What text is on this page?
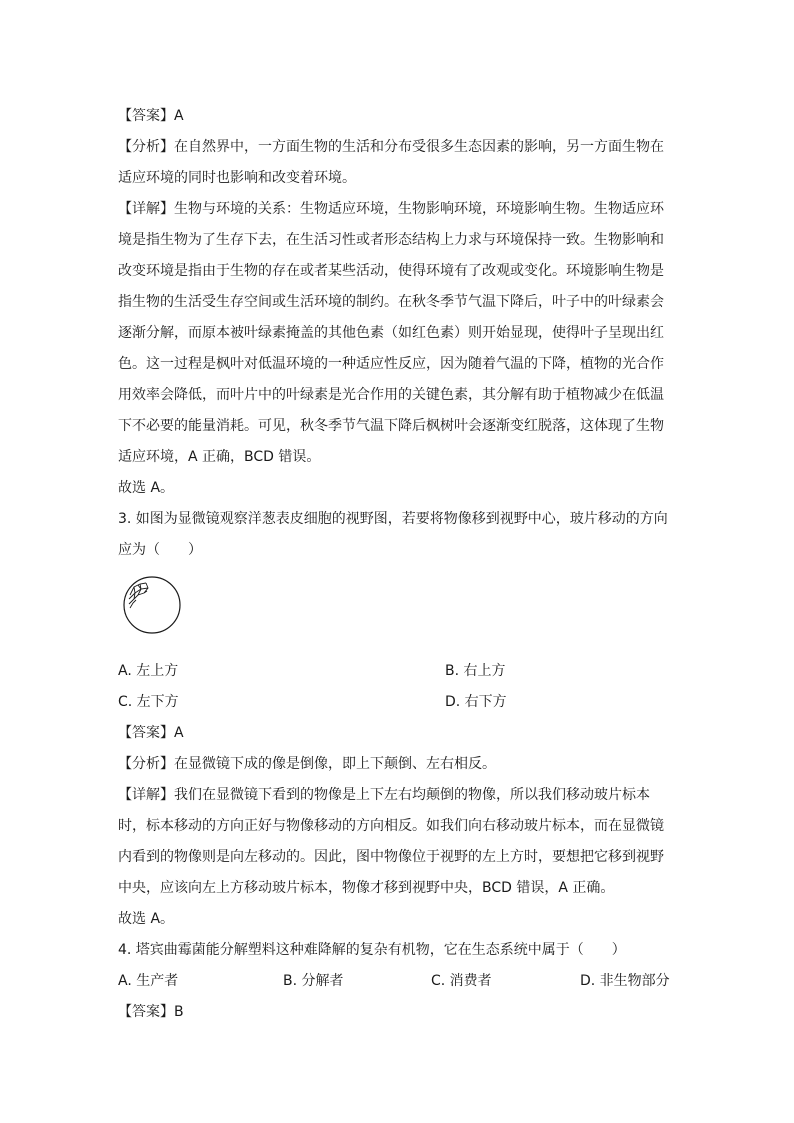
【答案】A

【分析】在自然界中，一方面生物的生活和分布受很多生态因素的影响，另一方面生物在

适应环境的同时也影响和改变着环境。

【详解】生物与环境的关系：生物适应环境，生物影响环境，环境影响生物。生物适应环

境是指生物为了生存下去，在生活习性或者形态结构上力求与环境保持一致。生物影响和

改变环境是指由于生物的存在或者某些活动，使得环境有了改观或变化。环境影响生物是

指生物的生活受生存空间或生活环境的制约。在秋冬季节气温下降后，叶子中的叶绿素会

逐渐分解，而原本被叶绿素掩盖的其他色素（如红色素）则开始显现，使得叶子呈现出红

色。这一过程是枫叶对低温环境的一种适应性反应，因为随着气温的下降，植物的光合作

用效率会降低，而叶片中的叶绿素是光合作用的关键色素，其分解有助于植物减少在低温

下不必要的能量消耗。可见，秋冬季节气温下降后枫树叶会逐渐变红脱落，这体现了生物

适应环境，A 正确，BCD 错误。

故选 A。

3. 如图为显微镜观察洋葱表皮细胞的视野图，若要将物像移到视野中心，玻片移动的方向

应为（　　）

A. 左上方	B. 右上方
C. 左下方	D. 右下方

【答案】A

【分析】在显微镜下成的像是倒像，即上下颠倒、左右相反。

【详解】我们在显微镜下看到的物像是上下左右均颠倒的物像，所以我们移动玻片标本

时，标本移动的方向正好与物像移动的方向相反。如我们向右移动玻片标本，而在显微镜

内看到的物像则是向左移动的。因此，图中物像位于视野的左上方时，要想把它移到视野

中央，应该向左上方移动玻片标本，物像才移到视野中央，BCD 错误，A 正确。

故选 A。

4. 塔宾曲霉菌能分解塑料这种难降解的复杂有机物，它在生态系统中属于（　　）

A. 生产者	B. 分解者	C. 消费者	D. 非生物部分

【答案】B
